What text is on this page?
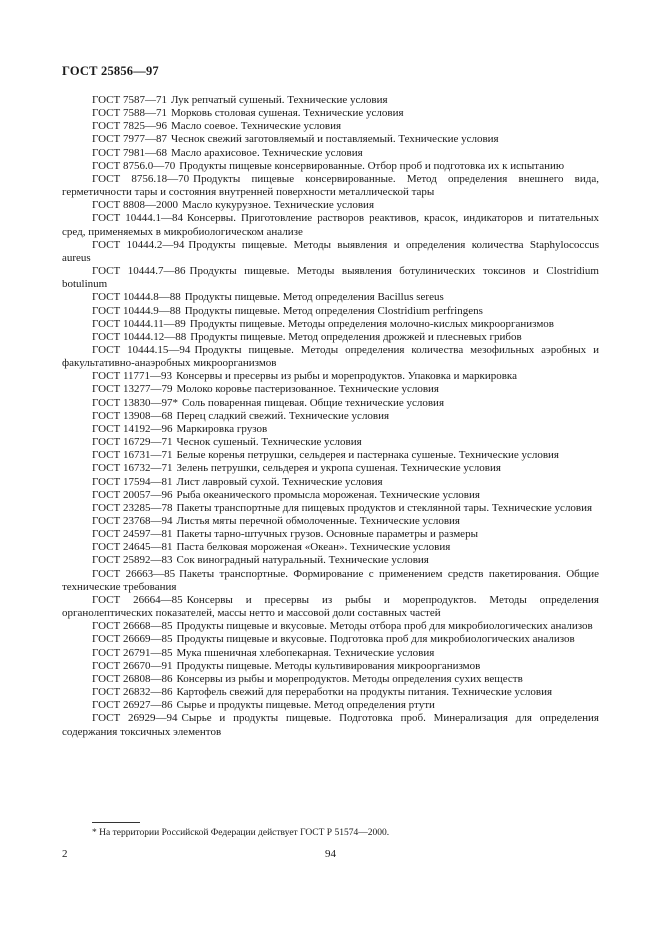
ГОСТ 25856—97

ГОСТ 7587—71 Лук репчатый сушеный. Технические условия

ГОСТ 7588—71 Морковь столовая сушеная. Технические условия

ГОСТ 7825—96 Масло соевое. Технические условия

ГОСТ 7977—87 Чеснок свежий заготовляемый и поставляемый. Технические условия

ГОСТ 7981—68 Масло арахисовое. Технические условия

ГОСТ 8756.0—70 Продукты пищевые консервированные. Отбор проб и подготовка их к испытанию

ГОСТ 8756.18—70 Продукты пищевые консервированные. Метод определения внешнего вида, герметичности тары и состояния внутренней поверхности металлической тары

ГОСТ 8808—2000 Масло кукурузное. Технические условия

ГОСТ 10444.1—84 Консервы. Приготовление растворов реактивов, красок, индикаторов и питательных сред, применяемых в микробиологическом анализе

ГОСТ 10444.2—94 Продукты пищевые. Методы выявления и определения количества Staphylococcus aureus

ГОСТ 10444.7—86 Продукты пищевые. Методы выявления ботулинических токсинов и Clostridium botulinum

ГОСТ 10444.8—88 Продукты пищевые. Метод определения Bacillus sereus

ГОСТ 10444.9—88 Продукты пищевые. Метод определения Clostridium perfringens

ГОСТ 10444.11—89 Продукты пищевые. Методы определения молочно-кислых микроорганизмов

ГОСТ 10444.12—88 Продукты пищевые. Метод определения дрожжей и плесневых грибов

ГОСТ 10444.15—94 Продукты пищевые. Методы определения количества мезофильных аэробных и факультативно-анаэробных микроорганизмов

ГОСТ 11771—93 Консервы и пресервы из рыбы и морепродуктов. Упаковка и маркировка

ГОСТ 13277—79 Молоко коровье пастеризованное. Технические условия

ГОСТ 13830—97* Соль поваренная пищевая. Общие технические условия

ГОСТ 13908—68 Перец сладкий свежий. Технические условия

ГОСТ 14192—96 Маркировка грузов

ГОСТ 16729—71 Чеснок сушеный. Технические условия

ГОСТ 16731—71 Белые коренья петрушки, сельдерея и пастернака сушеные. Технические условия

ГОСТ 16732—71 Зелень петрушки, сельдерея и укропа сушеная. Технические условия

ГОСТ 17594—81 Лист лавровый сухой. Технические условия

ГОСТ 20057—96 Рыба океанического промысла мороженая. Технические условия

ГОСТ 23285—78 Пакеты транспортные для пищевых продуктов и стеклянной тары. Технические условия

ГОСТ 23768—94 Листья мяты перечной обмолоченные. Технические условия

ГОСТ 24597—81 Пакеты тарно-штучных грузов. Основные параметры и размеры

ГОСТ 24645—81 Паста белковая мороженая «Океан». Технические условия

ГОСТ 25892—83 Сок виноградный натуральный. Технические условия

ГОСТ 26663—85 Пакеты транспортные. Формирование с применением средств пакетирования. Общие технические требования

ГОСТ 26664—85 Консервы и пресервы из рыбы и морепродуктов. Методы определения органолептических показателей, массы нетто и массовой доли составных частей

ГОСТ 26668—85 Продукты пищевые и вкусовые. Методы отбора проб для микробиологических анализов

ГОСТ 26669—85 Продукты пищевые и вкусовые. Подготовка проб для микробиологических анализов

ГОСТ 26791—85 Мука пшеничная хлебопекарная. Технические условия

ГОСТ 26670—91 Продукты пищевые. Методы культивирования микроорганизмов

ГОСТ 26808—86 Консервы из рыбы и морепродуктов. Методы определения сухих веществ

ГОСТ 26832—86 Картофель свежий для переработки на продукты питания. Технические условия

ГОСТ 26927—86 Сырье и продукты пищевые. Метод определения ртути

ГОСТ 26929—94 Сырье и продукты пищевые. Подготовка проб. Минерализация для определения содержания токсичных элементов

* На территории Российской Федерации действует ГОСТ Р 51574—2000.
2	94
